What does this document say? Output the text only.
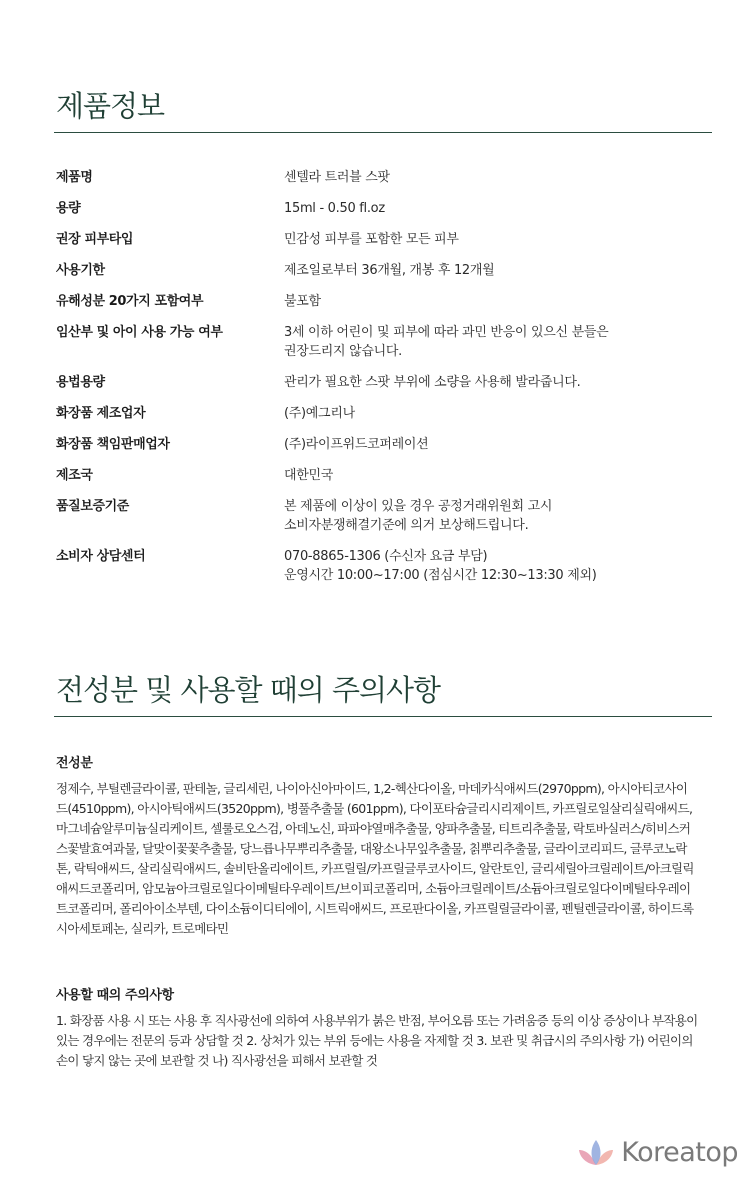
제품정보
제품명	센텔라 트러블 스팟
용량	15ml - 0.50 fl.oz
권장 피부타입	민감성 피부를 포함한 모든 피부
사용기한	제조일로부터 36개월, 개봉 후 12개월
유해성분 20가지 포함여부	불포함
임산부 및 아이 사용 가능 여부	3세 이하 어린이 및 피부에 따라 과민 반응이 있으신 분들은
권장드리지 않습니다.
용법용량	관리가 필요한 스팟 부위에 소량을 사용해 발라줍니다.
화장품 제조업자	(주)예그리나
화장품 책임판매업자	(주)라이프위드코퍼레이션
제조국	대한민국
품질보증기준	본 제품에 이상이 있을 경우 공정거래위원회 고시
소비자분쟁해결기준에 의거 보상해드립니다.
소비자 상담센터	070-8865-1306 (수신자 요금 부담)
운영시간 10:00~17:00 (점심시간 12:30~13:30 제외)
전성분 및 사용할 때의 주의사항
전성분

정제수, 부틸렌글라이콜, 판테놀, 글리세린, 나이아신아마이드, 1,2-헥산다이올, 마데카식애씨드(2970ppm), 아시아티코사이드(4510ppm), 아시아틱애씨드(3520ppm), 병풀추출물 (601ppm), 다이포타슘글리시리제이트, 카프릴로일살리실릭애씨드, 마그네슘알루미늄실리케이트, 셀룰로오스검, 아데노신, 파파야열매추출물, 양파추출물, 티트리추출물, 락토바실러스/히비스커스꽃발효여과물, 달맞이꽃꽃추출물, 당느릅나무뿌리추출물, 대왕소나무잎추출물, 칡뿌리추출물, 글라이코리피드, 글루코노락톤, 락틱애씨드, 살리실릭애씨드, 솔비탄올리에이트, 카프릴릴/카프릴글루코사이드, 알란토인, 글리세릴아크릴레이트/아크릴릭애씨드코폴리머, 암모늄아크릴로일다이메틸타우레이트/브이피코폴리머, 소듐아크릴레이트/소듐아크릴로일다이메틸타우레이트코폴리머, 폴리아이소부텐, 다이소듐이디티에이, 시트릭애씨드, 프로판다이올, 카프릴릴글라이콜, 펜틸렌글라이콜, 하이드록시아세토페논, 실리카, 트로메타민

사용할 때의 주의사항

1. 화장품 사용 시 또는 사용 후 직사광선에 의하여 사용부위가 붉은 반점, 부어오름 또는 가려움증 등의 이상 증상이나 부작용이 있는 경우에는 전문의 등과 상담할 것 2. 상처가 있는 부위 등에는 사용을 자제할 것 3. 보관 및 취급시의 주의사항 가) 어린이의 손이 닿지 않는 곳에 보관할 것 나) 직사광선을 피해서 보관할 것

Koreatop
